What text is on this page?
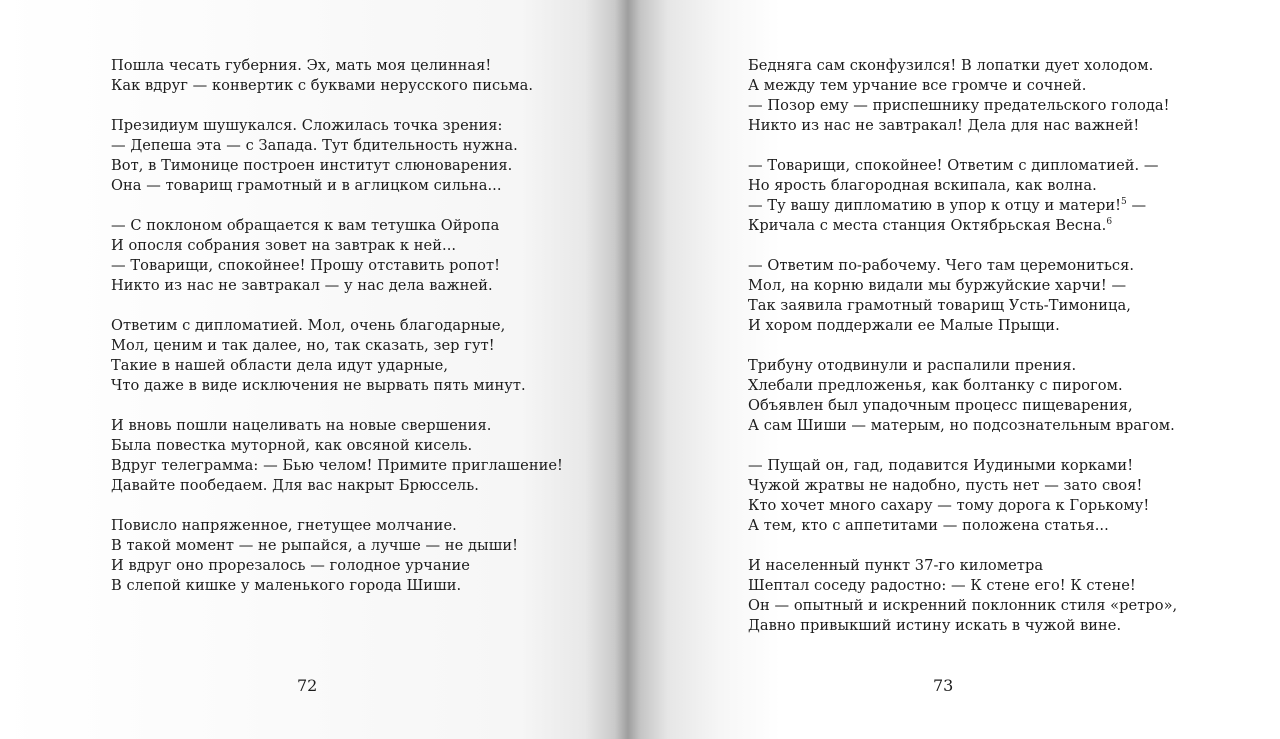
Пошла чесать губерния. Эх, мать моя целинная!
Как вдруг — конвертик с буквами нерусского письма.
Президиум шушукался. Сложилась точка зрения:
— Депеша эта — с Запада. Тут бдительность нужна.
Вот, в Тимонице построен институт слюноварения.
Она — товарищ грамотный и в аглицком сильна...
— С поклоном обращается к вам тетушка Ойропа
И опосля собрания зовет на завтрак к ней...
— Товарищи, спокойнее! Прошу отставить ропот!
Никто из нас не завтракал — у нас дела важней.
Ответим с дипломатией. Мол, очень благодарные,
Мол, ценим и так далее, но, так сказать, зер гут!
Такие в нашей области дела идут ударные,
Что даже в виде исключения не вырвать пять минут.
И вновь пошли нацеливать на новые свершения.
Была повестка муторной, как овсяной кисель.
Вдруг телеграмма: — Бью челом! Примите приглашение!
Давайте пообедаем. Для вас накрыт Брюссель.
Повисло напряженное, гнетущее молчание.
В такой момент — не рыпайся, а лучше — не дыши!
И вдруг оно прорезалось — голодное урчание
В слепой кишке у маленького города Шиши.
72
Бедняга сам сконфузился! В лопатки дует холодом.
А между тем урчание все громче и сочней.
— Позор ему — приспешнику предательского голода!
Никто из нас не завтракал! Дела для нас важней!
— Товарищи, спокойнее! Ответим с дипломатией. —
Но ярость благородная вскипала, как волна.
— Ту вашу дипломатию в упор к отцу и матери!$^5$ —
Кричала с места станция Октябрьская Весна.$^6$
— Ответим по-рабочему. Чего там церемониться.
Мол, на корню видали мы буржуйские харчи! —
Так заявила грамотный товарищ Усть-Тимоница,
И хором поддержали ее Малые Прыщи.
Трибуну отодвинули и распалили прения.
Хлебали предложенья, как болтанку с пирогом.
Объявлен был упадочным процесс пищеварения,
А сам Шиши — матерым, но подсознательным врагом.
— Пущай он, гад, подавится Иудиными корками!
Чужой жратвы не надобно, пусть нет — зато своя!
Кто хочет много сахару — тому дорога к Горькому!
А тем, кто с аппетитами — положена статья...
И населенный пункт 37-го километра
Шептал соседу радостно: — К стене его! К стене!
Он — опытный и искренний поклонник стиля «ретро»,
Давно привыкший истину искать в чужой вине.
73
